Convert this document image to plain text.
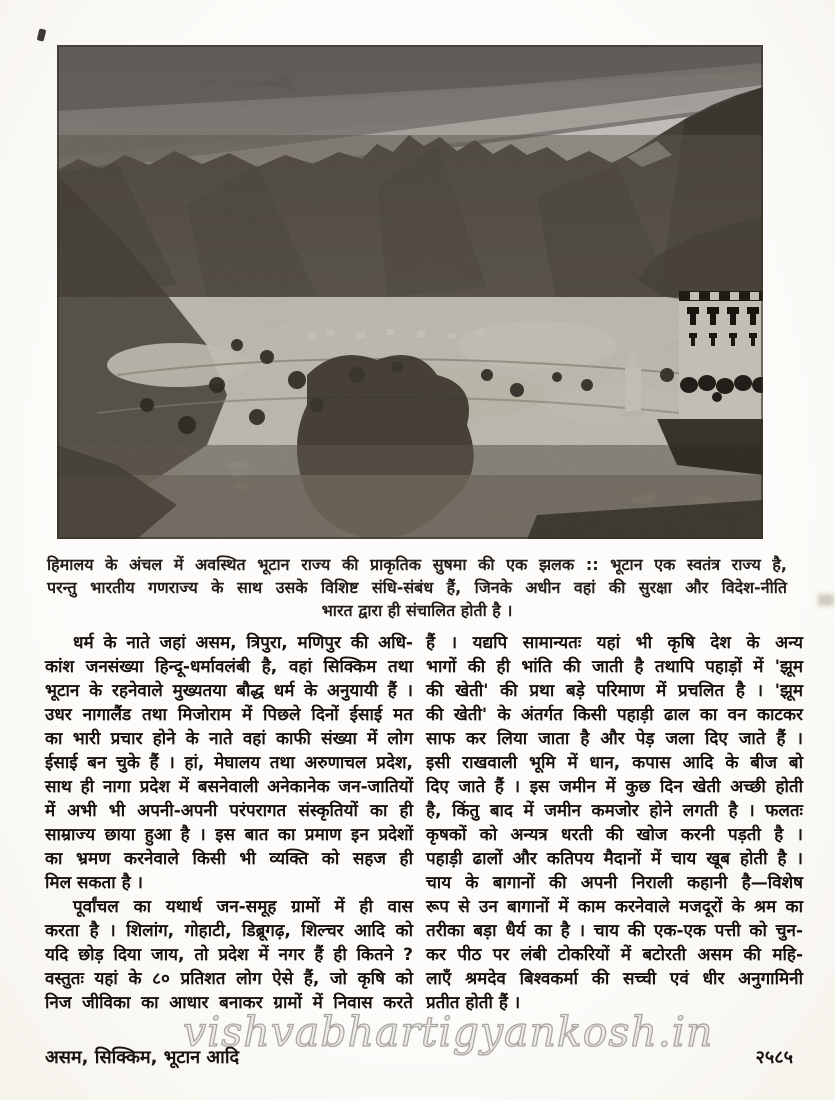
हिमालय के अंचल में अवस्थित भूटान राज्य की प्राकृतिक सुषमा की एक झलक :: भूटान एक स्वतंत्र राज्य है,
परन्तु भारतीय गणराज्य के साथ उसके विशिष्ट संधि-संबंध हैं, जिनके अधीन वहां की सुरक्षा और विदेश-नीति
भारत द्वारा ही संचालित होती है ।
धर्म के नाते जहां असम, त्रिपुरा, मणिपुर की अधि-
कांश जनसंख्या हिन्दू-धर्मावलंबी है, वहां सिक्किम तथा
भूटान के रहनेवाले मुख्यतया बौद्ध धर्म के अनुयायी हैं ।
उधर नागालैंड तथा मिजोराम में पिछले दिनों ईसाई मत
का भारी प्रचार होने के नाते वहां काफी संख्या में लोग
ईसाई बन चुके हैं । हां, मेघालय तथा अरुणाचल प्रदेश,
साथ ही नागा प्रदेश में बसनेवाली अनेकानेक जन-जातियों
में अभी भी अपनी-अपनी परंपरागत संस्कृतियों का ही
साम्राज्य छाया हुआ है । इस बात का प्रमाण इन प्रदेशों
का भ्रमण करनेवाले किसी भी व्यक्ति को सहज ही
मिल सकता है ।
पूर्वांचल का यथार्थ जन-समूह ग्रामों में ही वास
करता है । शिलांग, गोहाटी, डिब्रूगढ़, शिल्चर आदि को
यदि छोड़ दिया जाय, तो प्रदेश में नगर हैं ही कितने ?
वस्तुतः यहां के ८० प्रतिशत लोग ऐसे हैं, जो कृषि को
निज जीविका का आधार बनाकर ग्रामों में निवास करते
हैं । यद्यपि सामान्यतः यहां भी कृषि देश के अन्य
भागों की ही भांति की जाती है तथापि पहाड़ों में 'झूम
की खेती' की प्रथा बड़े परिमाण में प्रचलित है । 'झूम
की खेती' के अंतर्गत किसी पहाड़ी ढाल का वन काटकर
साफ कर लिया जाता है और पेड़ जला दिए जाते हैं ।
इसी राखवाली भूमि में धान, कपास आदि के बीज बो
दिए जाते हैं । इस जमीन में कुछ दिन खेती अच्छी होती
है, किंतु बाद में जमीन कमजोर होने लगती है । फलतः
कृषकों को अन्यत्र धरती की खोज करनी पड़ती है ।
पहाड़ी ढालों और कतिपय मैदानों में चाय खूब होती है ।
चाय के बागानों की अपनी निराली कहानी है—विशेष
रूप से उन बागानों में काम करनेवाले मजदूरों के श्रम का
तरीका बड़ा धैर्य का है । चाय की एक-एक पत्ती को चुन-
कर पीठ पर लंबी टोकरियों में बटोरती असम की महि-
लाएँ श्रमदेव बिश्वकर्मा की सच्ची एवं धीर अनुगामिनी
प्रतीत होती हैं ।
vishvabhartigyankosh.in
असम, सिक्किम, भूटान आदि	२५८५
